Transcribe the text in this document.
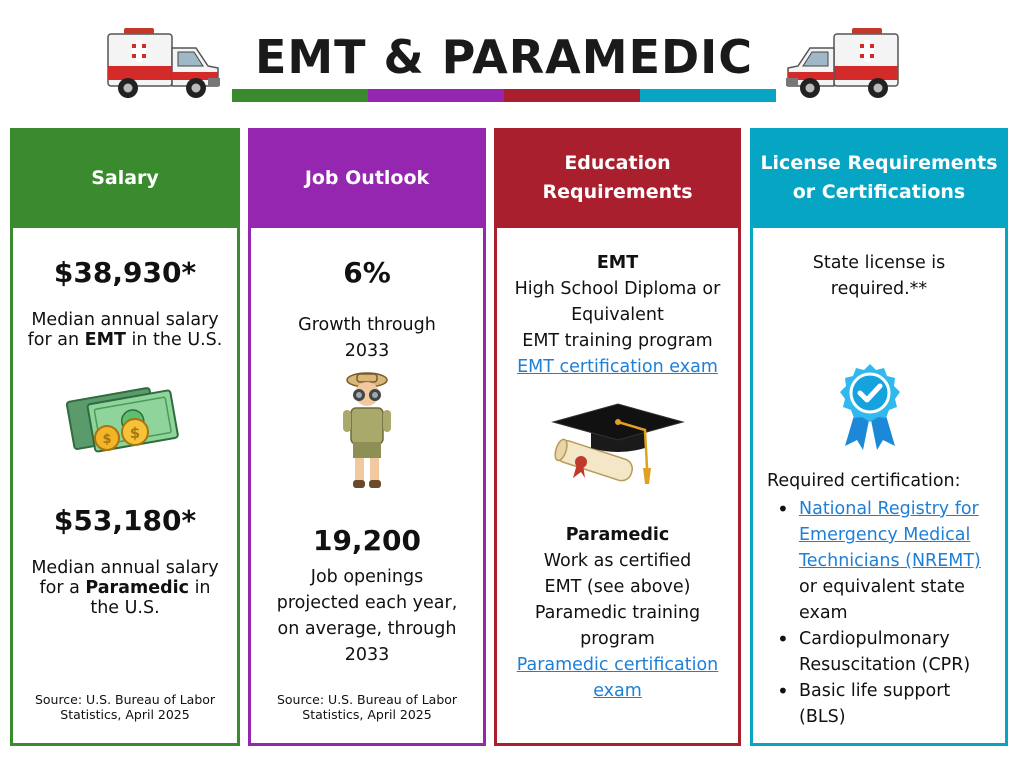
EMT & PARAMEDIC
Salary
$38,930*
Median annual salary for an EMT in the U.S.
$
$
$53,180*
Median annual salary for a Paramedic in the U.S.
Source: U.S. Bureau of Labor Statistics, April 2025
Job Outlook
6%
Growth through 2033
19,200
Job openings projected each year, on average, through 2033
Source: U.S. Bureau of Labor Statistics, April 2025
Education Requirements
EMT
High School Diploma or Equivalent
EMT training program
EMT certification exam
Paramedic
Work as certified EMT (see above)
Paramedic training program
Paramedic certification exam
License Requirements or Certifications
State license is required.**
Required certification:
• National Registry for Emergency Medical Technicians (NREMT) or equivalent state exam
• Cardiopulmonary Resuscitation (CPR)
• Basic life support (BLS)
